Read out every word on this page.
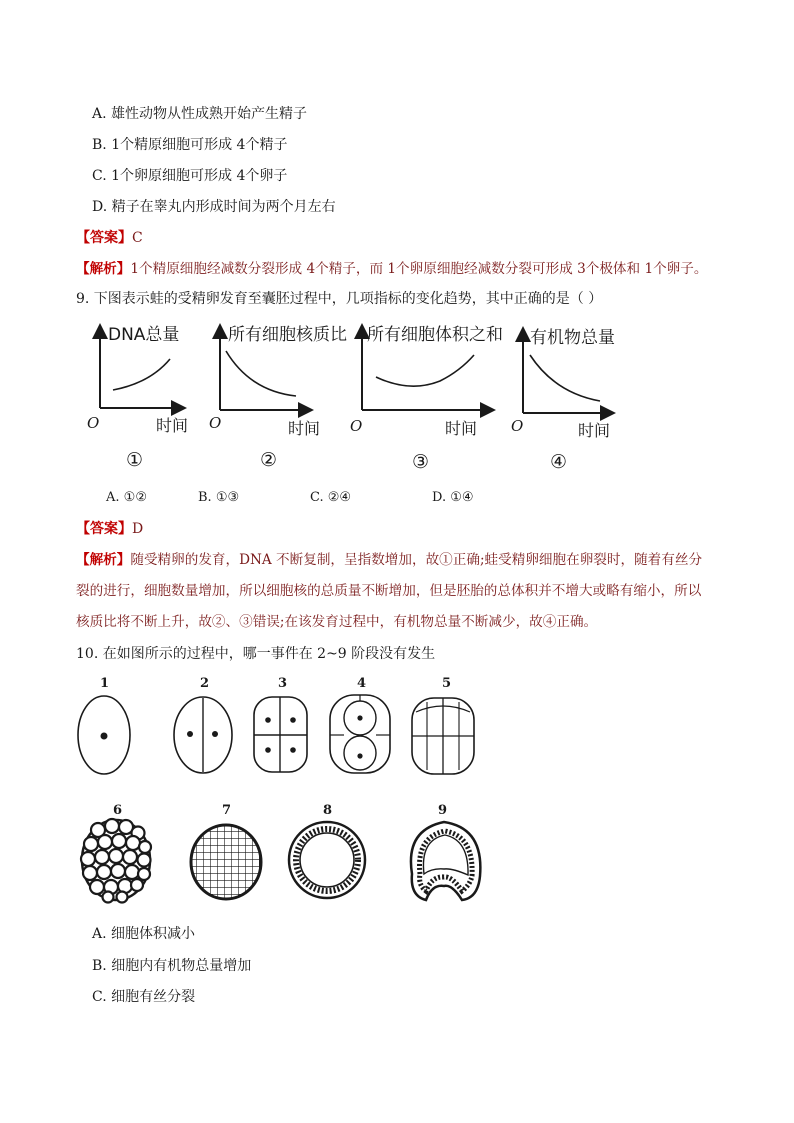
A. 雄性动物从性成熟开始产生精子
B. 1个精原细胞可形成 4个精子
C. 1个卵原细胞可形成 4个卵子
D. 精子在睾丸内形成时间为两个月左右
【答案】C
【解析】1个精原细胞经减数分裂形成 4个精子，而 1个卵原细胞经减数分裂可形成 3个极体和 1个卵子。
9. 下图表示蛙的受精卵发育至囊胚过程中，几项指标的变化趋势，其中正确的是（ ）
DNA总量
O	时间
①
所有细胞核质比
O	时间
②
所有细胞体积之和
O	时间
③
有机物总量
O	时间
④
A. ①②	B. ①③	C. ②④	D. ①④
【答案】D
【解析】随受精卵的发育，DNA 不断复制，呈指数增加，故①正确;蛙受精卵细胞在卵裂时，随着有丝分
裂的进行，细胞数量增加，所以细胞核的总质量不断增加，但是胚胎的总体积并不增大或略有缩小，所以
核质比将不断上升，故②、③错误;在该发育过程中，有机物总量不断减少，故④正确。
10. 在如图所示的过程中，哪一事件在 2~9 阶段没有发生
1	2	3	4	5
6	7	8	9
A. 细胞体积减小
B. 细胞内有机物总量增加
C. 细胞有丝分裂
